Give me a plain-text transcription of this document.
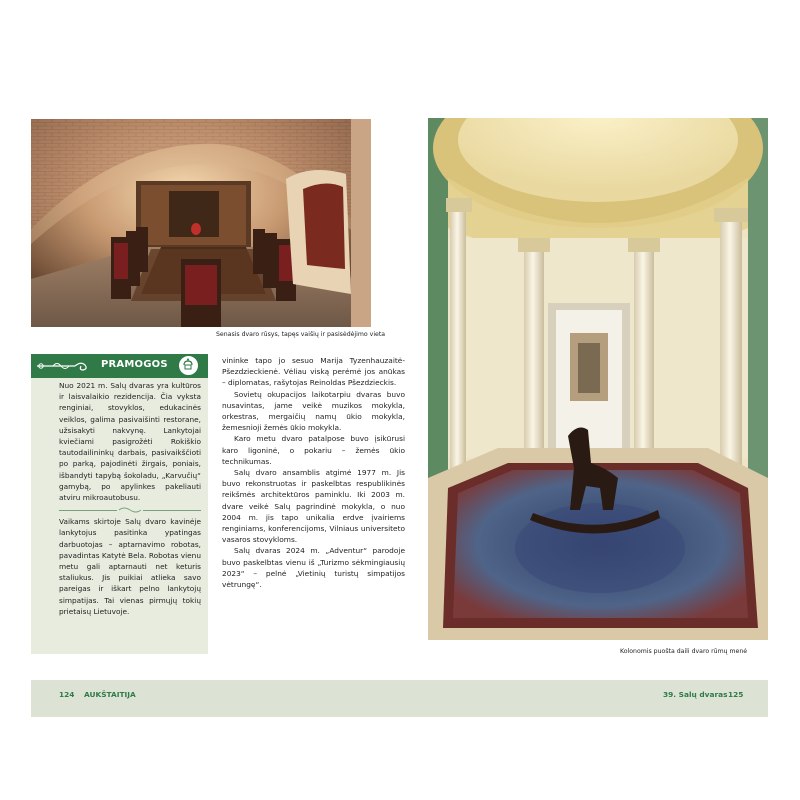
Senasis dvaro rūsys, tapęs vaišių ir pasisėdėjimo vieta
Kolonomis puošta daili dvaro rūmų menė
PRAMOGOS

Nuo 2021 m. Salų dvaras yra kultūros ir laisvalaikio rezidencija. Čia vyksta renginiai, stovyklos, edukacinės veiklos, galima pasivaišinti restorane, užsisakyti nakvynę. Lankytojai kviečiami pasigrožėti Rokiškio tautodailininkų darbais, pasivaikščioti po parką, pajodinėti žirgais, poniais, išbandyti tapybą šokoladu, „Karvučių“ gamybą, po apylinkes pakeliauti atviru mikroautobusu.

Vaikams skirtoje Salų dvaro kavinėje lankytojus pasitinka ypatingas darbuotojas – aptarnavimo robotas, pavadintas Katytė Bela. Robotas vienu metu gali aptarnauti net keturis staliukus. Jis puikiai atlieka savo pareigas ir iškart pelno lankytojų simpatijas. Tai vienas pirmųjų tokių prietaisų Lietuvoje.

vininke tapo jo sesuo Marija Tyzenhauzaitė-Pšezdzieckienė. Vėliau viską perėmė jos anūkas – diplomatas, rašytojas Reinoldas Pšezdzieckis.

Sovietų okupacijos laikotarpiu dvaras buvo nusavintas, jame veikė muzikos mokykla, orkestras, mergaičių namų ūkio mokykla, žemesnioji žemės ūkio mokykla.

Karo metu dvaro patalpose buvo įsikūrusi karo ligoninė, o pokariu – žemės ūkio technikumas.

Salų dvaro ansamblis atgimė 1977 m. Jis buvo rekonstruotas ir paskelbtas respublikinės reikšmės architektūros paminklu. Iki 2003 m. dvare veikė Salų pagrindinė mokykla, o nuo 2004 m. jis tapo unikalia erdve įvairiems renginiams, konferencijoms, Vilniaus universiteto vasaros stovykloms.

Salų dvaras 2024 m. „Adventur“ parodoje buvo paskelbtas vienu iš „Turizmo sėkmingiausių 2023“ – pelnė „Vietinių turistų simpatijos vėtrungę“.

124 AUKŠTAITIJA	39. Salų dvaras 125
